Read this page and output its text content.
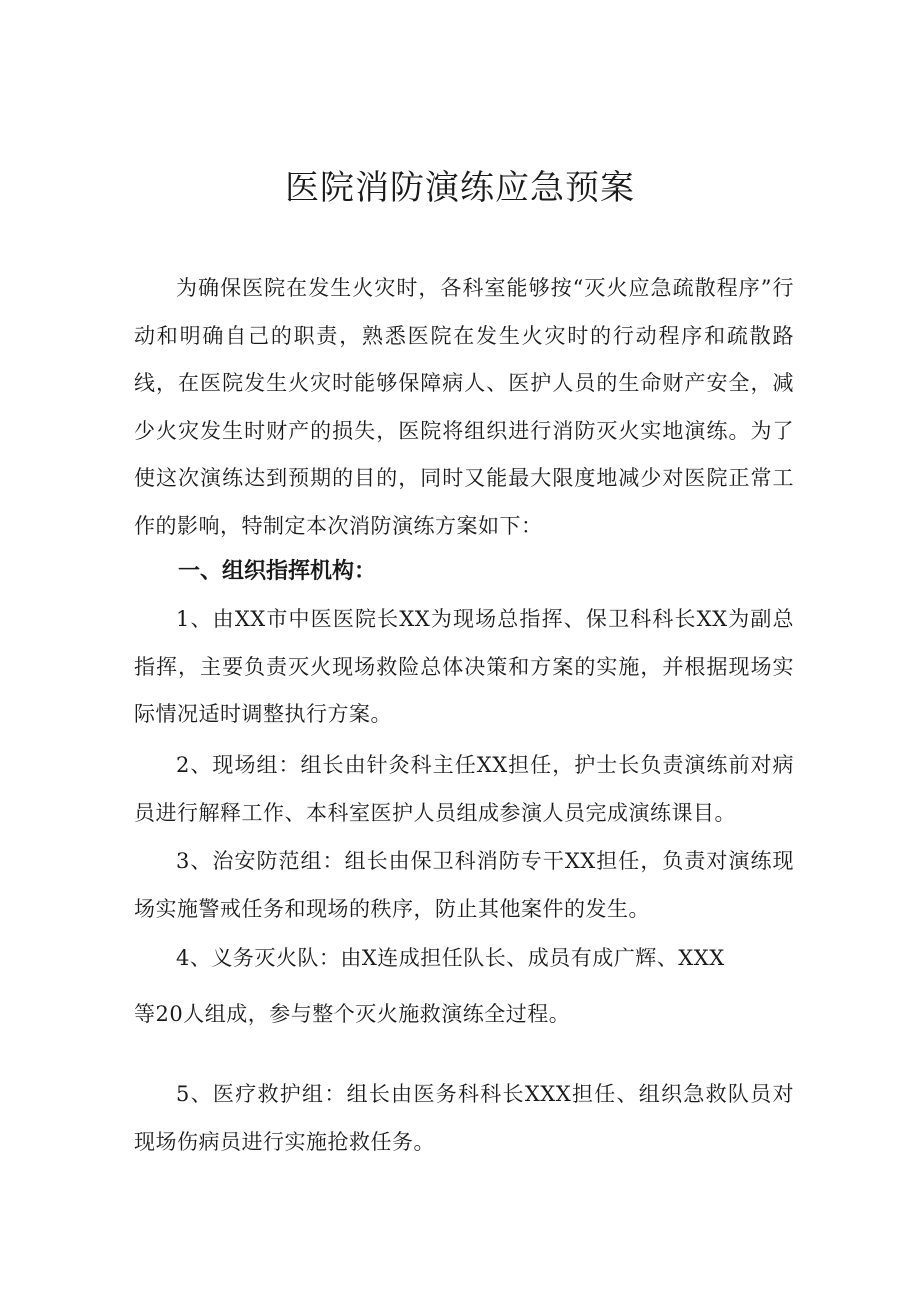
医院消防演练应急预案

为确保医院在发生火灾时，各科室能够按“灭火应急疏散程序”行动和明确自己的职责，熟悉医院在发生火灾时的行动程序和疏散路线，在医院发生火灾时能够保障病人、医护人员的生命财产安全，减少火灾发生时财产的损失，医院将组织进行消防灭火实地演练。为了使这次演练达到预期的目的，同时又能最大限度地减少对医院正常工作的影响，特制定本次消防演练方案如下：

一、组织指挥机构：

1、由XX市中医医院长XX为现场总指挥、保卫科科长XX为副总指挥，主要负责灭火现场救险总体决策和方案的实施，并根据现场实际情况适时调整执行方案。

2、现场组：组长由针灸科主任XX担任，护士长负责演练前对病员进行解释工作、本科室医护人员组成参演人员完成演练课目。

3、治安防范组：组长由保卫科消防专干XX担任，负责对演练现场实施警戒任务和现场的秩序，防止其他案件的发生。

4、义务灭火队：由X连成担任队长、成员有成广辉、XXX

等20人组成，参与整个灭火施救演练全过程。

5、医疗救护组：组长由医务科科长XXX担任、组织急救队员对现场伤病员进行实施抢救任务。
